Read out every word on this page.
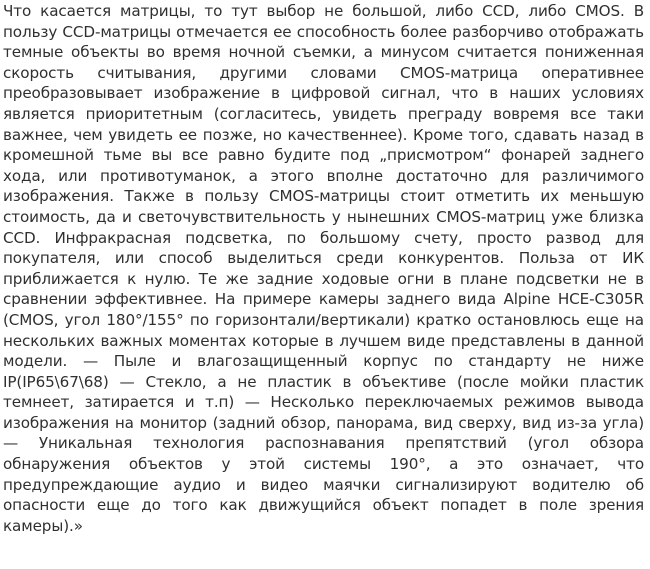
Что касается матрицы, то тут выбор не большой, либо CCD, либо CMOS. В пользу CCD-матрицы отмечается ее способность более разборчиво отображать темные объекты во время ночной съемки, а минусом считается пониженная скорость считывания, другими словами CMOS-матрица оперативнее преобразовывает изображение в цифровой сигнал, что в наших условиях является приоритетным (согласитесь, увидеть преграду вовремя все таки важнее, чем увидеть ее позже, но качественнее). Кроме того, сдавать назад в кромешной тьме вы все равно будите под „присмотром“ фонарей заднего хода, или противотуманок, а этого вполне достаточно для различимого изображения. Также в пользу CMOS-матрицы стоит отметить их меньшую стоимость, да и светочувствительность у нынешних CMOS-матриц уже близка CCD. Инфракрасная подсветка, по большому счету, просто развод для покупателя, или способ выделиться среди конкурентов. Польза от ИК приближается к нулю. Те же задние ходовые огни в плане подсветки не в сравнении эффективнее. На примере камеры заднего вида Alpine HCE-C305R (CMOS, угол 180°/155° по горизонтали/вертикали) кратко остановлюсь еще на нескольких важных моментах которые в лучшем виде представлены в данной модели. — Пыле и влагозащищенный корпус по стандарту не ниже IP(IP65\67\68) — Стекло, а не пластик в объективе (после мойки пластик темнеет, затирается и т.п) — Несколько переключаемых режимов вывода изображения на монитор (задний обзор, панорама, вид сверху, вид из-за угла) — Уникальная технология распознавания препятствий (угол обзора обнаружения объектов у этой системы 190°, а это означает, что предупреждающие аудио и видео маячки сигнализируют водителю об опасности еще до того как движущийся объект попадет в поле зрения камеры).»
